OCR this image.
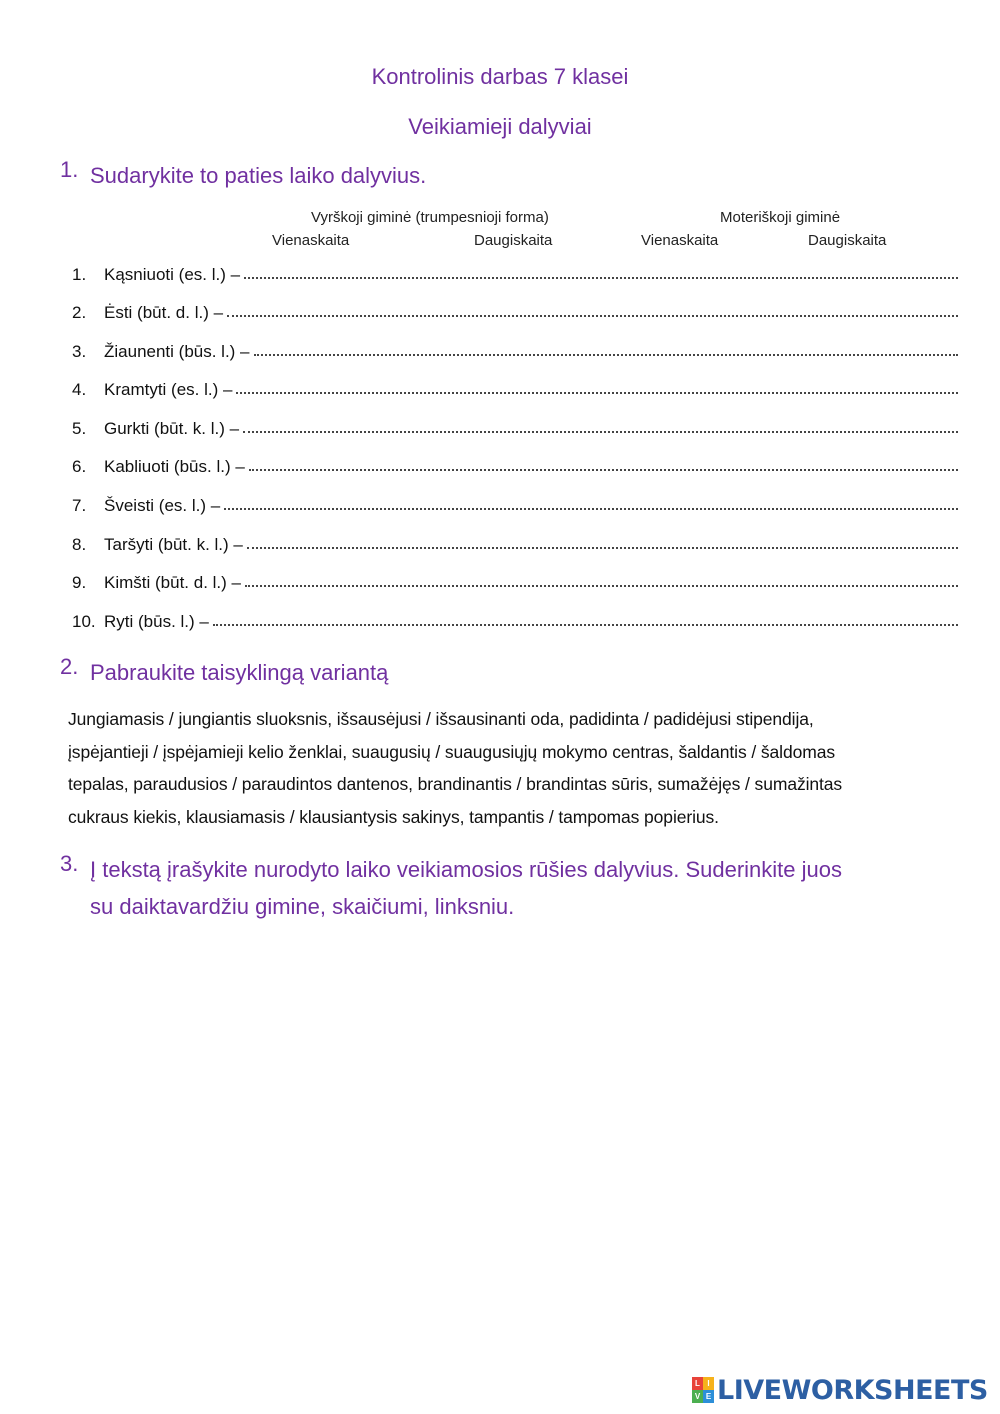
Kontrolinis darbas 7 klasei
Veikiamieji dalyviai
1. Sudarykite to paties laiko dalyvius.
Vyrškoji giminė (trumpesnioji forma)	Moteriškoji giminė
Vienaskaita	Daugiskaita	Vienaskaita	Daugiskaita
1.	Kąsniuoti (es. l.) –
2.	Ėsti (būt. d. l.) –
3.	Žiaunenti (būs. l.) –
4.	Kramtyti (es. l.) –
5.	Gurkti (būt. k. l.) –
6.	Kabliuoti (būs. l.) –
7.	Šveisti (es. l.) –
8.	Taršyti (būt. k. l.) –
9.	Kimšti (būt. d. l.) –
10. Ryti (būs. l.) –
2. Pabraukite taisyklingą variantą
Jungiamasis / jungiantis sluoksnis, išsausėjusi / išsausinanti oda, padidinta / padidėjusi stipendija,
įspėjantieji / įspėjamieji kelio ženklai, suaugusių / suaugusiųjų mokymo centras, šaldantis / šaldomas
tepalas, paraudusios / paraudintos dantenos, brandinantis / brandintas sūris, sumažėjęs / sumažintas
cukraus kiekis, klausiamasis / klausiantysis sakinys, tampantis / tampomas popierius.
3. Į tekstą įrašykite nurodyto laiko veikiamosios rūšies dalyvius. Suderinkite juos
su daiktavardžiu gimine, skaičiumi, linksniu.
L I
V E LIVEWORKSHEETS
